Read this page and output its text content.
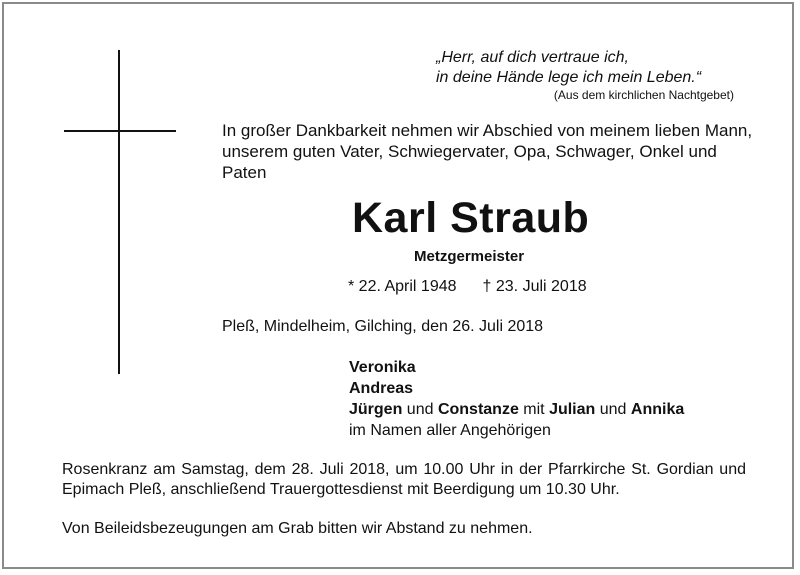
„Herr, auf dich vertraue ich,
in deine Hände lege ich mein Leben.“
(Aus dem kirchlichen Nachtgebet)
In großer Dankbarkeit nehmen wir Abschied von meinem lieben Mann, unserem guten Vater, Schwiegervater, Opa, Schwager, Onkel und Paten
Karl Straub
Metzgermeister
* 22. April 1948 † 23. Juli 2018
Pleß, Mindelheim, Gilching, den 26. Juli 2018
Veronika
Andreas
Jürgen und Constanze mit Julian und Annika
im Namen aller Angehörigen
Rosenkranz am Samstag, dem 28. Juli 2018, um 10.00 Uhr in der Pfarrkirche St. Gordian und Epimach Pleß, anschließend Trauergottesdienst mit Beerdigung um 10.30 Uhr.
Von Beileidsbezeugungen am Grab bitten wir Abstand zu nehmen.
